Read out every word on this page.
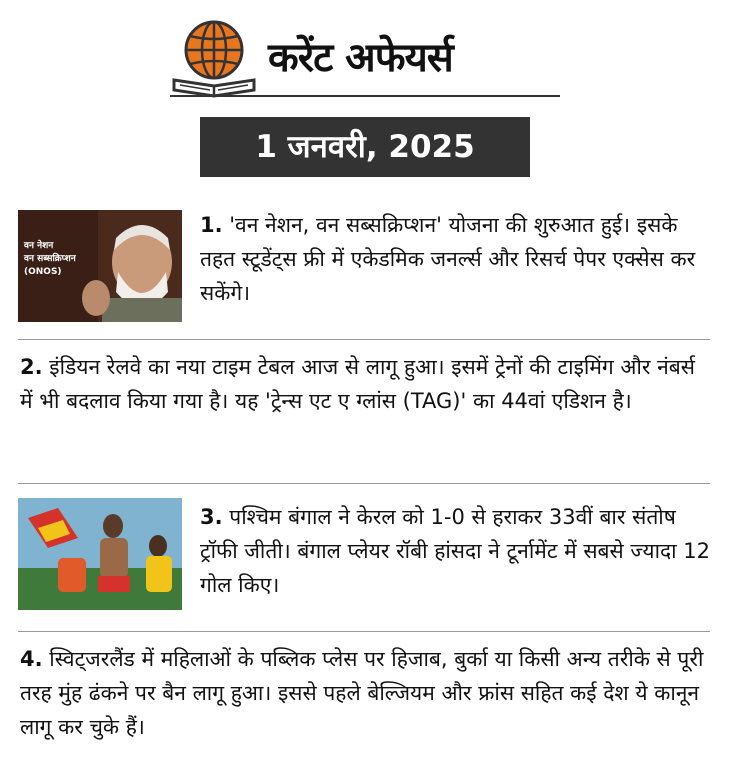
करेंट अफेयर्स
1 जनवरी, 2025
वन नेशन
वन सब्सक्रिप्शन
(ONOS)
1. 'वन नेशन, वन सब्सक्रिप्शन' योजना की शुरुआत हुई। इसके तहत स्टूडेंट्स फ्री में एकेडमिक जनर्ल्स और रिसर्च पेपर एक्सेस कर सकेंगे।
2. इंडियन रेलवे का नया टाइम टेबल आज से लागू हुआ। इसमें ट्रेनों की टाइमिंग और नंबर्स में भी बदलाव किया गया है। यह 'ट्रेन्स एट ए ग्लांस (TAG)' का 44वां एडिशन है।
3. पश्चिम बंगाल ने केरल को 1-0 से हराकर 33वीं बार संतोष ट्रॉफी जीती। बंगाल प्लेयर रॉबी हांसदा ने टूर्नामेंट में सबसे ज्यादा 12 गोल किए।
4. स्विट्जरलैंड में महिलाओं के पब्लिक प्लेस पर हिजाब, बुर्का या किसी अन्य तरीके से पूरी तरह मुंह ढंकने पर बैन लागू हुआ। इससे पहले बेल्जियम और फ्रांस सहित कई देश ये कानून लागू कर चुके हैं।
